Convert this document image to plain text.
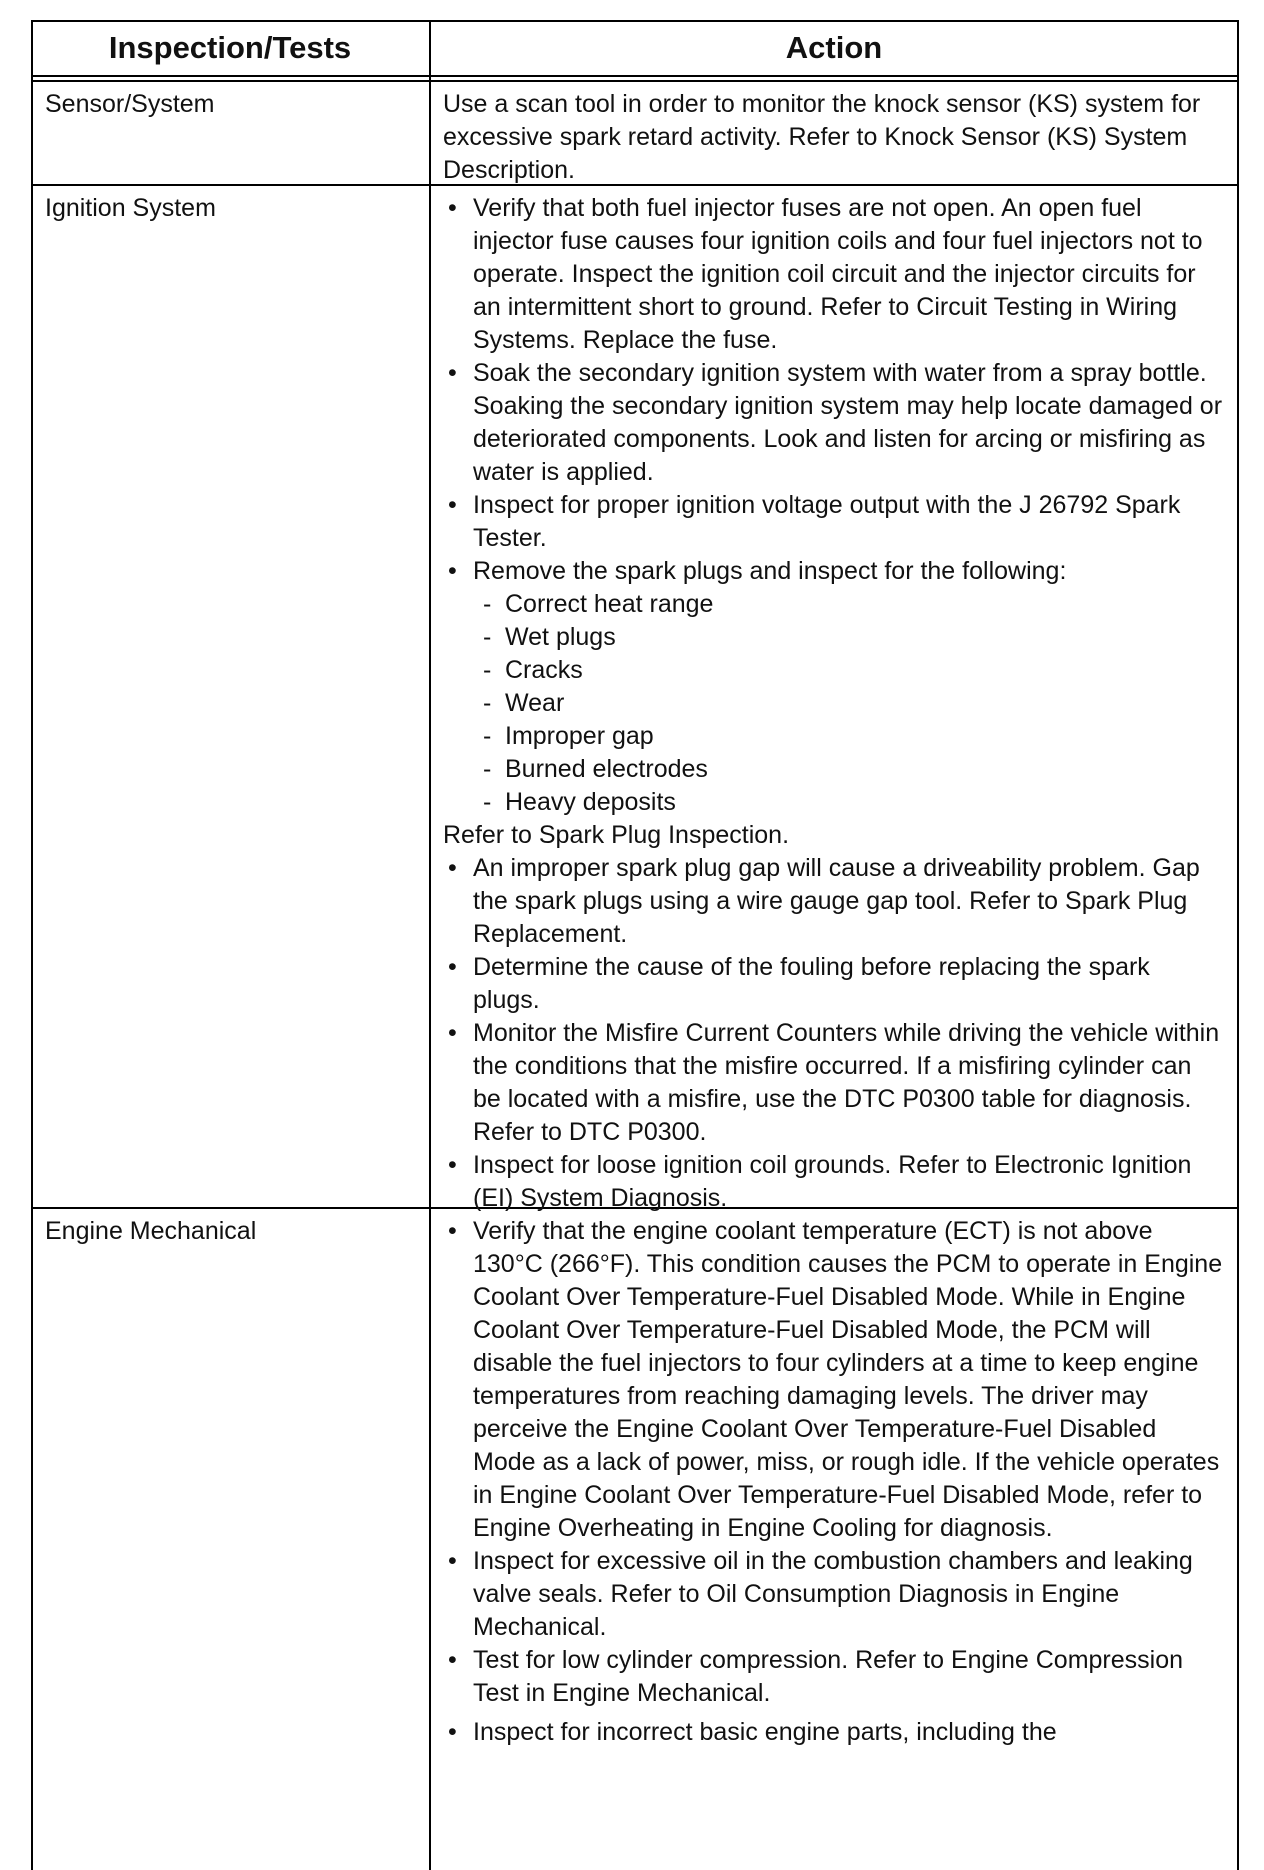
Inspection/Tests	Action
Sensor/System	Use a scan tool in order to monitor the knock sensor (KS) system for excessive spark retard activity. Refer to Knock Sensor (KS) System Description.

Ignition System	• Verify that both fuel injector fuses are not open. An open fuel injector fuse causes four ignition coils and four fuel injectors not to operate. Inspect the ignition coil circuit and the injector circuits for an intermittent short to ground. Refer to Circuit Testing in Wiring Systems. Replace the fuse.
• Soak the secondary ignition system with water from a spray bottle. Soaking the secondary ignition system may help locate damaged or deteriorated components. Look and listen for arcing or misfiring as water is applied.
• Inspect for proper ignition voltage output with the J 26792 Spark Tester.
• Remove the spark plugs and inspect for the following:
- Correct heat range
- Wet plugs
- Cracks
- Wear
- Improper gap
- Burned electrodes
- Heavy deposits

Refer to Spark Plug Inspection.

• An improper spark plug gap will cause a driveability problem. Gap the spark plugs using a wire gauge gap tool. Refer to Spark Plug Replacement.
• Determine the cause of the fouling before replacing the spark plugs.
• Monitor the Misfire Current Counters while driving the vehicle within the conditions that the misfire occurred. If a misfiring cylinder can be located with a misfire, use the DTC P0300 table for diagnosis. Refer to DTC P0300.
• Inspect for loose ignition coil grounds. Refer to Electronic Ignition (EI) System Diagnosis.
Engine Mechanical	• Verify that the engine coolant temperature (ECT) is not above 130°C (266°F). This condition causes the PCM to operate in Engine Coolant Over Temperature-Fuel Disabled Mode. While in Engine Coolant Over Temperature-Fuel Disabled Mode, the PCM will disable the fuel injectors to four cylinders at a time to keep engine temperatures from reaching damaging levels. The driver may perceive the Engine Coolant Over Temperature-Fuel Disabled Mode as a lack of power, miss, or rough idle. If the vehicle operates in Engine Coolant Over Temperature-Fuel Disabled Mode, refer to Engine Overheating in Engine Cooling for diagnosis.
• Inspect for excessive oil in the combustion chambers and leaking valve seals. Refer to Oil Consumption Diagnosis in Engine Mechanical.
• Test for low cylinder compression. Refer to Engine Compression Test in Engine Mechanical.
• Inspect for incorrect basic engine parts, including the
